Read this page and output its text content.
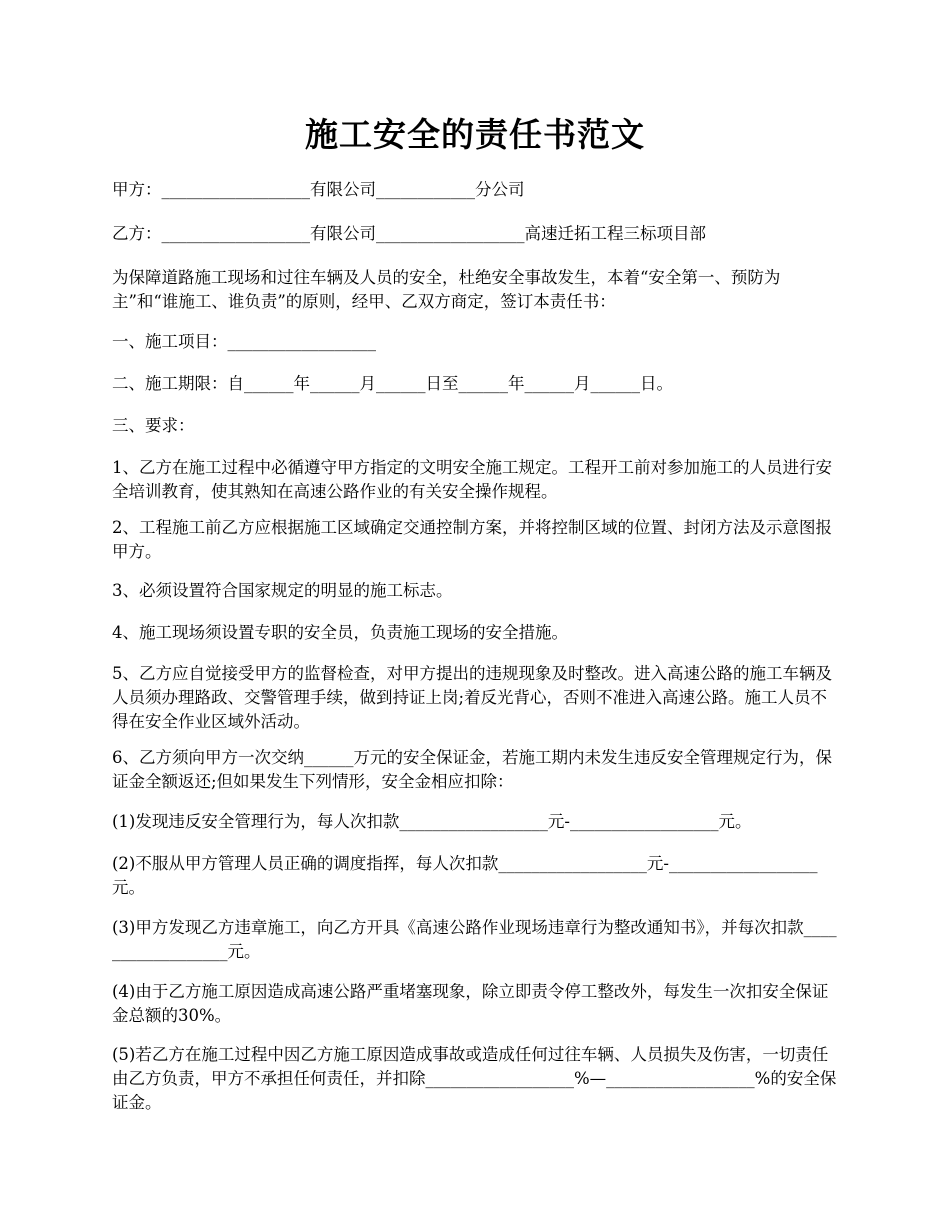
施工安全的责任书范文

甲方：__________________有限公司____________分公司

乙方：__________________有限公司__________________高速迁拓工程三标项目部

为保障道路施工现场和过往车辆及人员的安全，杜绝安全事故发生，本着“安全第一、预防为主”和“谁施工、谁负责”的原则，经甲、乙双方商定，签订本责任书：

一、施工项目：__________________

二、施工期限：自______年______月______日至______年______月______日。

三、要求：

1、乙方在施工过程中必循遵守甲方指定的文明安全施工规定。工程开工前对参加施工的人员进行安全培训教育，使其熟知在高速公路作业的有关安全操作规程。

2、工程施工前乙方应根据施工区域确定交通控制方案，并将控制区域的位置、封闭方法及示意图报甲方。

3、必须设置符合国家规定的明显的施工标志。

4、施工现场须设置专职的安全员，负责施工现场的安全措施。

5、乙方应自觉接受甲方的监督检查，对甲方提出的违规现象及时整改。进入高速公路的施工车辆及人员须办理路政、交警管理手续，做到持证上岗;着反光背心，否则不准进入高速公路。施工人员不得在安全作业区域外活动。

6、乙方须向甲方一次交纳______万元的安全保证金，若施工期内未发生违反安全管理规定行为，保证金全额返还;但如果发生下列情形，安全金相应扣除：

(1)发现违反安全管理行为，每人次扣款__________________元-__________________元。

(2)不服从甲方管理人员正确的调度指挥，每人次扣款__________________元-__________________元。

(3)甲方发现乙方违章施工，向乙方开具《高速公路作业现场违章行为整改通知书》，并每次扣款__________________元。

(4)由于乙方施工原因造成高速公路严重堵塞现象，除立即责令停工整改外，每发生一次扣安全保证金总额的30%。

(5)若乙方在施工过程中因乙方施工原因造成事故或造成任何过往车辆、人员损失及伤害，一切责任由乙方负责，甲方不承担任何责任，并扣除__________________%—__________________%的安全保证金。
